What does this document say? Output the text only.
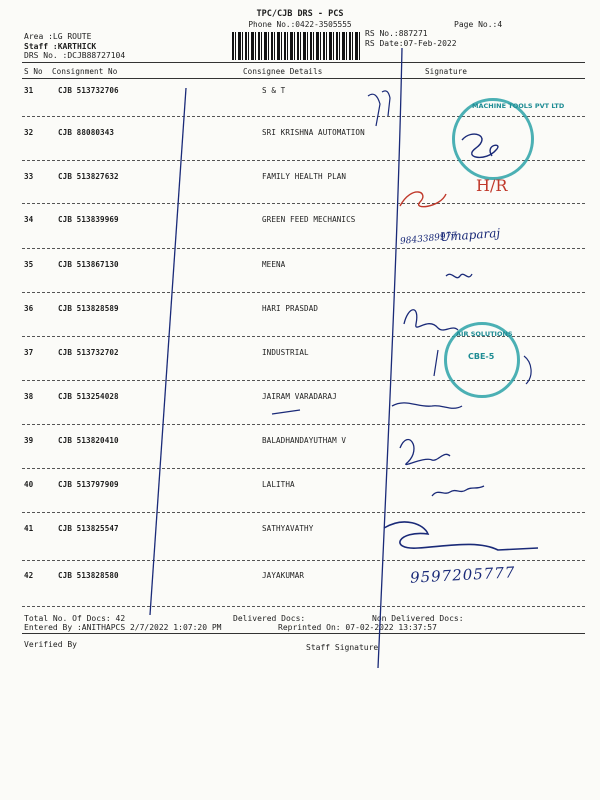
TPC/CJB DRS - PCS
Phone No.:0422-3505555	Page No.:4
Area :LG ROUTE
Staff :KARTHICK
DRS No. :DCJB88727104
RS No.:887271
RS Date:07-Feb-2022
S No Consignment No	Consignee Details	Signature
31	CJB 513732706	S & T
32	CJB 88080343	SRI KRISHNA AUTOMATION
33	CJB 513827632	FAMILY HEALTH PLAN
34	CJB 513839969	GREEN FEED MECHANICS
35	CJB 513867130	MEENA
36	CJB 513828589	HARI PRASDAD
37	CJB 513732702	INDUSTRIAL
38	CJB 513254028	JAIRAM VARADARAJ
39	CJB 513820410	BALADHANDAYUTHAM V
40	CJB 513797909	LALITHA
41	CJB 513825547	SATHYAVATHY
42	CJB 513828580	JAYAKUMAR
Total No. Of Docs: 42	Delivered Docs:	Non Delivered Docs:
Entered By :ANITHAPCS 2/7/2022 1:07:20 PM	Reprinted On: 07-02-2022 13:37:57
Verified By	Staff Signature
MACHINE TOOLS PVT LTD
AIR SOLUTIONS
CBE-5
H/R
Umaparaj
9843389977
9597205777
